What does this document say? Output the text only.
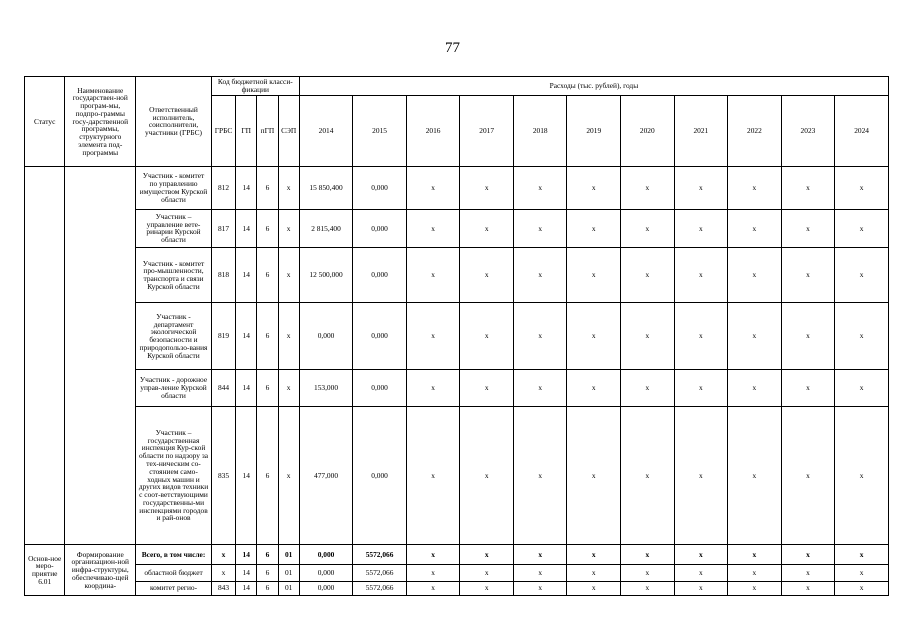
77
Статус	Наименование государствен-ной програм-мы, подпро-граммы госу-дарственной программы, структурного элемента под-программы	Ответственный исполнитель, соисполнители, участники (ГРБС)	Код бюджетной класси-фикации				Расходы (тыс. рублей), годы										
			ГРБС	ГП	пГП	СЭП	2014	2015	2016	2017	2018	2019	2020	2021	2022	2023	2024
		Участник - комитет по управлению имуществом Курской области	812	14	6	х	15 850,400	0,000	х	х	х	х	х	х	х	х	х
		Участник – управление вете-ринарии Курской области	817	14	6	х	2 815,400	0,000	х	х	х	х	х	х	х	х	х
		Участник - комитет про-мышленности, транспорта и связи Курской области	818	14	6	х	12 500,000	0,000	х	х	х	х	х	х	х	х	х
		Участник - департамент экологической безопасности и природопользо-вания Курской области	819	14	6	х	0,000	0,000	х	х	х	х	х	х	х	х	х
		Участник - дорожное управ-ление Курской области	844	14	6	х	153,000	0,000	х	х	х	х	х	х	х	х	х
		Участник – государственная инспекция Кур-ской области по надзору за тех-ническим со-стоянием само-ходных машин и других видов техники с соот-ветствующими государственны-ми инспекциями городов и рай-онов	835	14	6	х	477,000	0,000	х	х	х	х	х	х	х	х	х
Основ-ное меро-приятие 6.01	Формирование организацион-ной инфра-структуры, обеспечиваю-щей координа-	Всего, в том числе:	х	14	6	01	0,000	5572,066	х	х	х	х	х	х	х	х	х
		областной бюджет	х	14	6	01	0,000	5572,066	х	х	х	х	х	х	х	х	х
		комитет регио-	843	14	6	01	0,000	5572,066	х	х	х	х	х	х	х	х	х
